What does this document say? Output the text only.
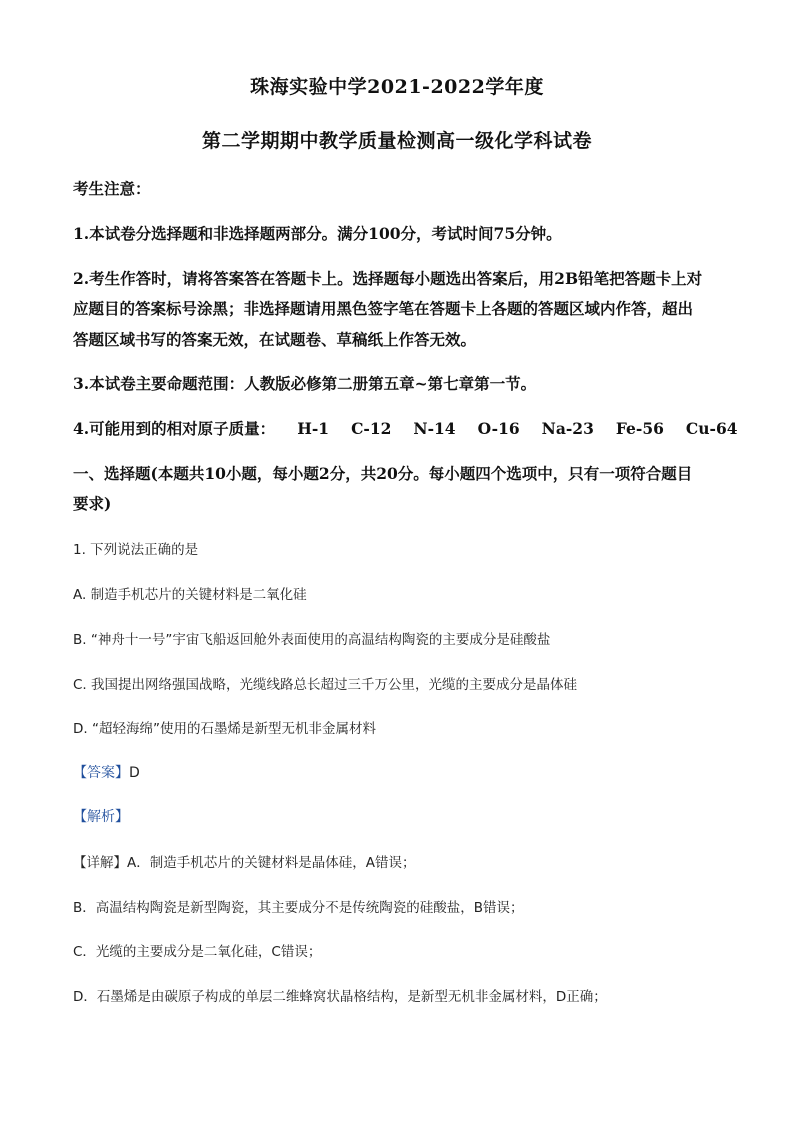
珠海实验中学2021-2022学年度
第二学期期中教学质量检测高一级化学科试卷
考生注意：
1.本试卷分选择题和非选择题两部分。满分100分，考试时间75分钟。
2.考生作答时，请将答案答在答题卡上。选择题每小题选出答案后，用2B铅笔把答题卡上对
应题目的答案标号涂黑；非选择题请用黑色签字笔在答题卡上各题的答题区域内作答，超出
答题区域书写的答案无效，在试题卷、草稿纸上作答无效。
3.本试卷主要命题范围：人教版必修第二册第五章~第七章第一节。
4.可能用到的相对原子质量： H-1 C-12 N-14 O-16 Na-23 Fe-56 Cu-64
一、选择题(本题共10小题，每小题2分，共20分。每小题四个选项中，只有一项符合题目
要求)
1. 下列说法正确的是
A. 制造手机芯片的关键材料是二氧化硅
B. “神舟十一号”宇宙飞船返回舱外表面使用的高温结构陶瓷的主要成分是硅酸盐
C. 我国提出网络强国战略，光缆线路总长超过三千万公里，光缆的主要成分是晶体硅
D. “超轻海绵”使用的石墨烯是新型无机非金属材料
【答案】D
【解析】
【详解】A．制造手机芯片的关键材料是晶体硅，A错误；
B．高温结构陶瓷是新型陶瓷，其主要成分不是传统陶瓷的硅酸盐，B错误；
C．光缆的主要成分是二氧化硅，C错误；
D．石墨烯是由碳原子构成的单层二维蜂窝状晶格结构，是新型无机非金属材料，D正确；
